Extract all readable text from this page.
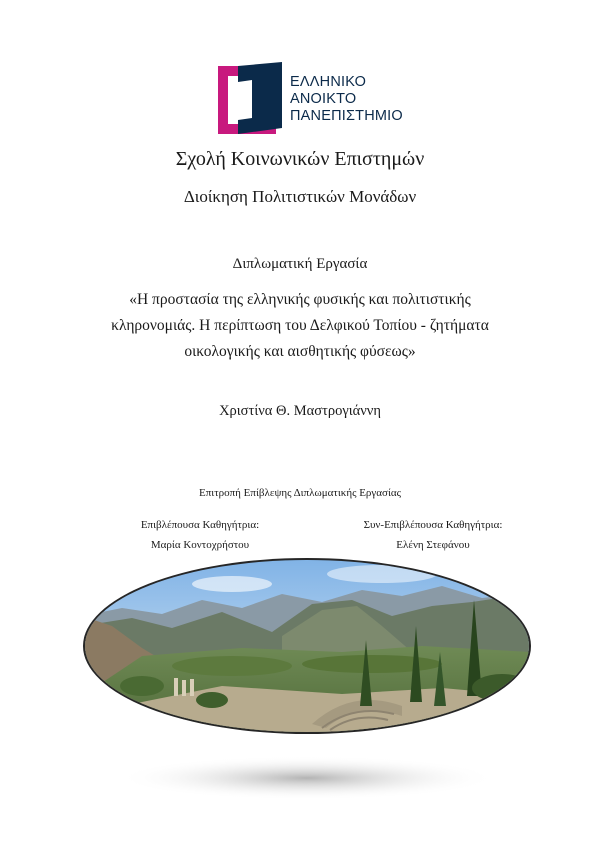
ΕΛΛΗΝΙΚΟ
ΑΝΟΙΚΤΟ
ΠΑΝΕΠΙΣΤΗΜΙΟ
Σχολή Κοινωνικών Επιστημών
Διοίκηση Πολιτιστικών Μονάδων
Διπλωματική Εργασία
«Η προστασία της ελληνικής φυσικής και πολιτιστικής
κληρονομιάς. Η περίπτωση του Δελφικού Τοπίου - ζητήματα
οικολογικής και αισθητικής φύσεως»
Χριστίνα Θ. Μαστρογιάννη
Επιτροπή Επίβλεψης Διπλωματικής Εργασίας
Επιβλέπουσα Καθηγήτρια:
Μαρία Κοντοχρήστου
Συν-Επιβλέπουσα Καθηγήτρια:
Ελένη Στεφάνου
